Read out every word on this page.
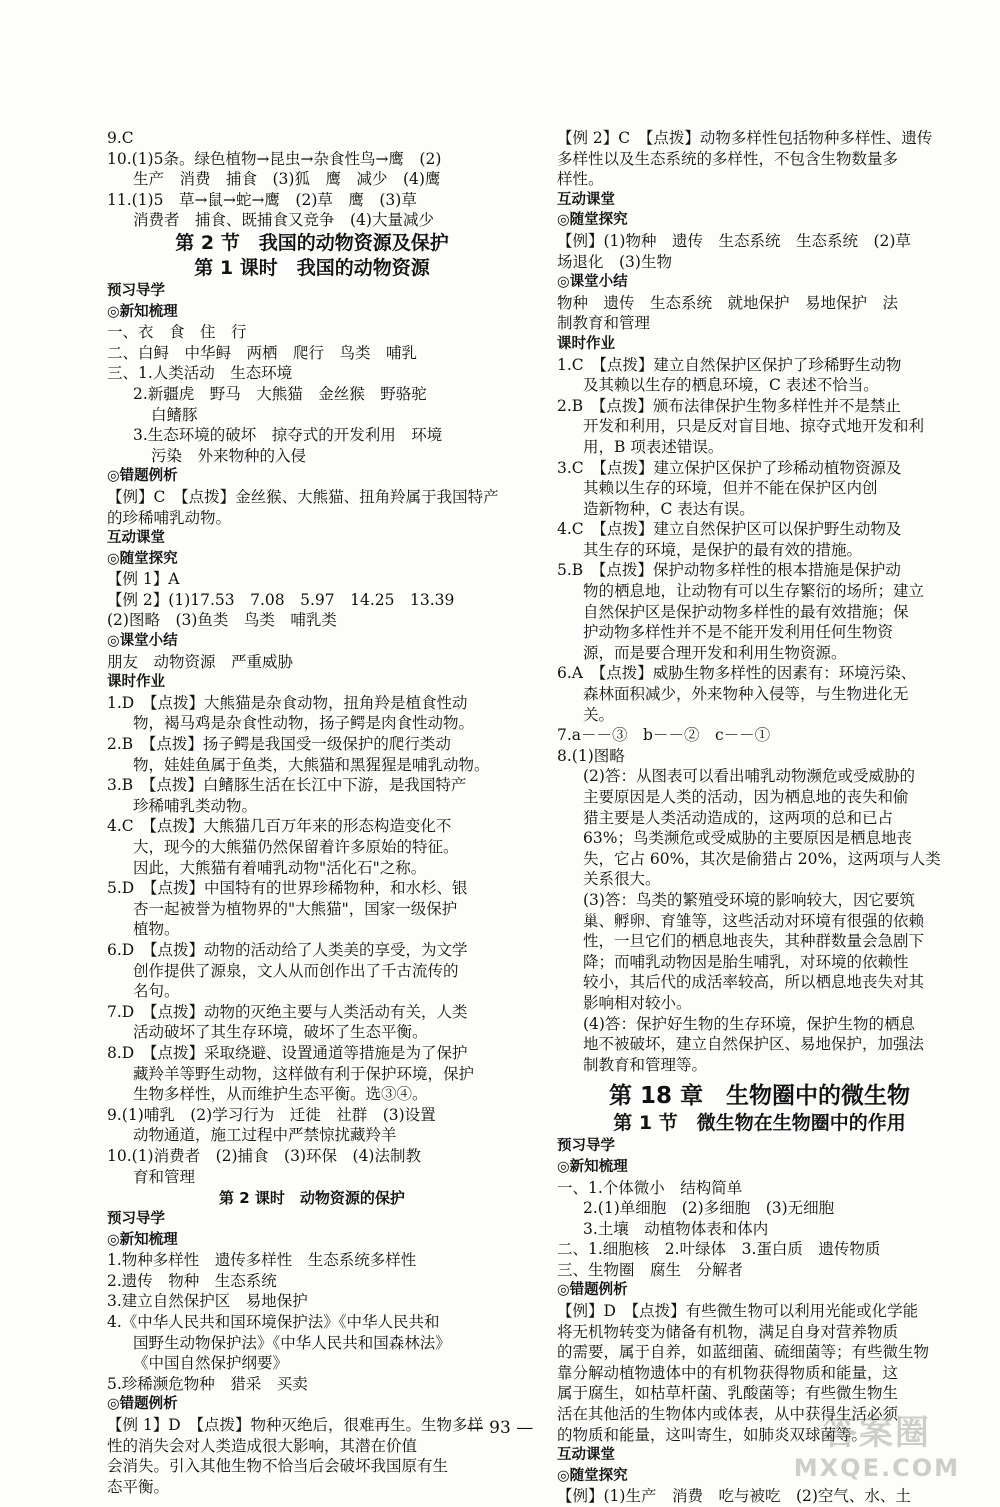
9.C
10.(1)5条。绿色植物→昆虫→杂食性鸟→鹰　(2)
生产　消费　捕食　(3)狐　鹰　减少　(4)鹰
11.(1)5　草→鼠→蛇→鹰　(2)草　鹰　(3)草
消费者　捕食、既捕食又竞争　(4)大量减少
第 2 节　我国的动物资源及保护
第 1 课时　我国的动物资源
预习导学
◎新知梳理
一、衣　食　住　行
二、白鲟　中华鲟　两栖　爬行　鸟类　哺乳
三、1.人类活动　生态环境
2.新疆虎　野马　大熊猫　金丝猴　野骆驼
白鳍豚
3.生态环境的破坏　掠夺式的开发利用　环境
污染　外来物种的入侵
◎错题例析
【例】C　【点拨】金丝猴、大熊猫、扭角羚属于我国特产
的珍稀哺乳动物。
互动课堂
◎随堂探究
【例 1】A
【例 2】(1)17.53　7.08　5.97　14.25　13.39
(2)图略　(3)鱼类　鸟类　哺乳类
◎课堂小结
朋友　动物资源　严重威胁
课时作业
1.D　【点拨】大熊猫是杂食动物，扭角羚是植食性动
物，褐马鸡是杂食性动物，扬子鳄是肉食性动物。
2.B　【点拨】扬子鳄是我国受一级保护的爬行类动
物，娃娃鱼属于鱼类，大熊猫和黑猩猩是哺乳动物。
3.B　【点拨】白鳍豚生活在长江中下游，是我国特产
珍稀哺乳类动物。
4.C　【点拨】大熊猫几百万年来的形态构造变化不
大，现今的大熊猫仍然保留着许多原始的特征。
因此，大熊猫有着哺乳动物"活化石"之称。
5.D　【点拨】中国特有的世界珍稀物种，和水杉、银
杏一起被誉为植物界的"大熊猫"，国家一级保护
植物。
6.D　【点拨】动物的活动给了人类美的享受，为文学
创作提供了源泉，文人从而创作出了千古流传的
名句。
7.D　【点拨】动物的灭绝主要与人类活动有关，人类
活动破坏了其生存环境，破坏了生态平衡。
8.D　【点拨】采取绕避、设置通道等措施是为了保护
藏羚羊等野生动物，这样做有利于保护环境，保护
生物多样性，从而维护生态平衡。选③④。
9.(1)哺乳　(2)学习行为　迁徙　社群　(3)设置
动物通道，施工过程中严禁惊扰藏羚羊
10.(1)消费者　(2)捕食　(3)环保　(4)法制教
育和管理
第 2 课时　动物资源的保护
预习导学
◎新知梳理
1.物种多样性　遗传多样性　生态系统多样性
2.遗传　物种　生态系统
3.建立自然保护区　易地保护
4.《中华人民共和国环境保护法》《中华人民共和
国野生动物保护法》《中华人民共和国森林法》
《中国自然保护纲要》
5.珍稀濒危物种　猎采　买卖
◎错题例析
【例 1】D　【点拨】物种灭绝后，很难再生。生物多样
性的消失会对人类造成很大影响，其潜在价值
会消失。引入其他生物不恰当后会破坏我国原有生
态平衡。
【例 2】C　【点拨】动物多样性包括物种多样性、遗传
多样性以及生态系统的多样性，不包含生物数量多
样性。
互动课堂
◎随堂探究
【例】(1)物种　遗传　生态系统　生态系统　(2)草
场退化　(3)生物
◎课堂小结
物种　遗传　生态系统　就地保护　易地保护　法
制教育和管理
课时作业
1.C　【点拨】建立自然保护区保护了珍稀野生动物
及其赖以生存的栖息环境，C 表述不恰当。
2.B　【点拨】颁布法律保护生物多样性并不是禁止
开发和利用，只是反对盲目地、掠夺式地开发和利
用，B 项表述错误。
3.C　【点拨】建立保护区保护了珍稀动植物资源及
其赖以生存的环境，但并不能在保护区内创
造新物种，C 表达有误。
4.C　【点拨】建立自然保护区可以保护野生动物及
其生存的环境，是保护的最有效的措施。
5.B　【点拨】保护动物多样性的根本措施是保护动
物的栖息地，让动物有可以生存繁衍的场所；建立
自然保护区是保护动物多样性的最有效措施；保
护动物多样性并不是不能开发利用任何生物资
源，而是要合理开发和利用生物资源。
6.A　【点拨】威胁生物多样性的因素有：环境污染、
森林面积减少，外来物种入侵等，与生物进化无
关。
7.a－－③　b－－②　c－－①
8.(1)图略
(2)答：从图表可以看出哺乳动物濒危或受威胁的
主要原因是人类的活动，因为栖息地的丧失和偷
猎主要是人类活动造成的，这两项的总和已占
63%；鸟类濒危或受威胁的主要原因是栖息地丧
失，它占 60%，其次是偷猎占 20%，这两项与人类
关系很大。
(3)答：鸟类的繁殖受环境的影响较大，因它要筑
巢、孵卵、育雏等，这些活动对环境有很强的依赖
性，一旦它们的栖息地丧失，其种群数量会急剧下
降；而哺乳动物因是胎生哺乳，对环境的依赖性
较小，其后代的成活率较高，所以栖息地丧失对其
影响相对较小。
(4)答：保护好生物的生存环境，保护生物的栖息
地不被破坏，建立自然保护区、易地保护，加强法
制教育和管理等。
第 18 章　生物圈中的微生物
第 1 节　微生物在生物圈中的作用
预习导学
◎新知梳理
一、1.个体微小　结构简单
2.(1)单细胞　(2)多细胞　(3)无细胞
3.土壤　动植物体表和体内
二、1.细胞核　2.叶绿体　3.蛋白质　遗传物质
三、生物圈　腐生　分解者
◎错题例析
【例】D　【点拨】有些微生物可以利用光能或化学能
将无机物转变为储备有机物，满足自身对营养物质
的需要，属于自养，如蓝细菌、硫细菌等；有些微生物
靠分解动植物遗体中的有机物获得物质和能量，这
属于腐生，如枯草杆菌、乳酸菌等；有些微生物生
活在其他活的生物体内或体表，从中获得生活必须
的物质和能量，这叫寄生，如肺炎双球菌等。
互动课堂
◎随堂探究
【例】(1)生产　消费　吃与被吃　(2)空气、水、土
— 93 —	答案圈
MXQE.COM
